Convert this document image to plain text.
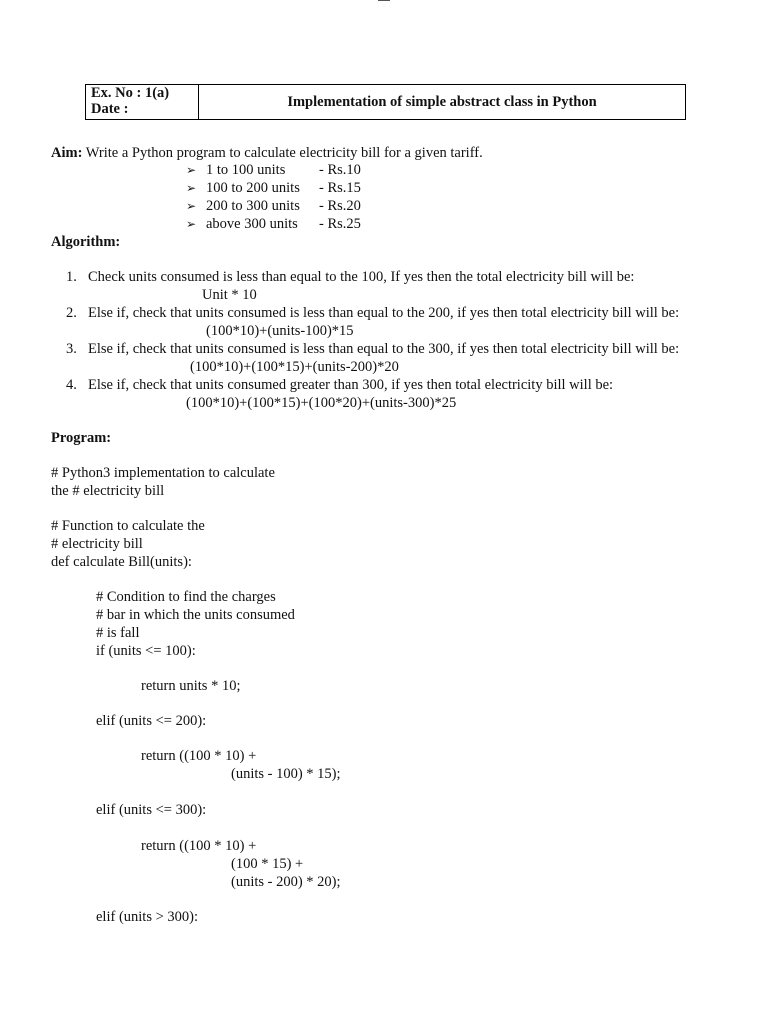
Ex. No : 1(a)
Date :	Implementation of simple abstract class in Python
Aim: Write a Python program to calculate electricity bill for a given tariff.
➢ 1 to 100 units - Rs.10
➢ 100 to 200 units - Rs.15
➢ 200 to 300 units - Rs.20
➢ above 300 units - Rs.25
Algorithm:
1. Check units consumed is less than equal to the 100, If yes then the total electricity bill will be:
Unit * 10
2. Else if, check that units consumed is less than equal to the 200, if yes then total electricity bill will be:
(100*10)+(units-100)*15
3. Else if, check that units consumed is less than equal to the 300, if yes then total electricity bill will be:
(100*10)+(100*15)+(units-200)*20
4. Else if, check that units consumed greater than 300, if yes then total electricity bill will be:
(100*10)+(100*15)+(100*20)+(units-300)*25
Program:
# Python3 implementation to calculate
the # electricity bill
# Function to calculate the
# electricity bill
def calculate Bill(units):
# Condition to find the charges
# bar in which the units consumed
# is fall
if (units <= 100):
return units * 10;
elif (units <= 200):
return ((100 * 10) +
(units - 100) * 15);
elif (units <= 300):
return ((100 * 10) +
(100 * 15) +
(units - 200) * 20);
elif (units > 300):
